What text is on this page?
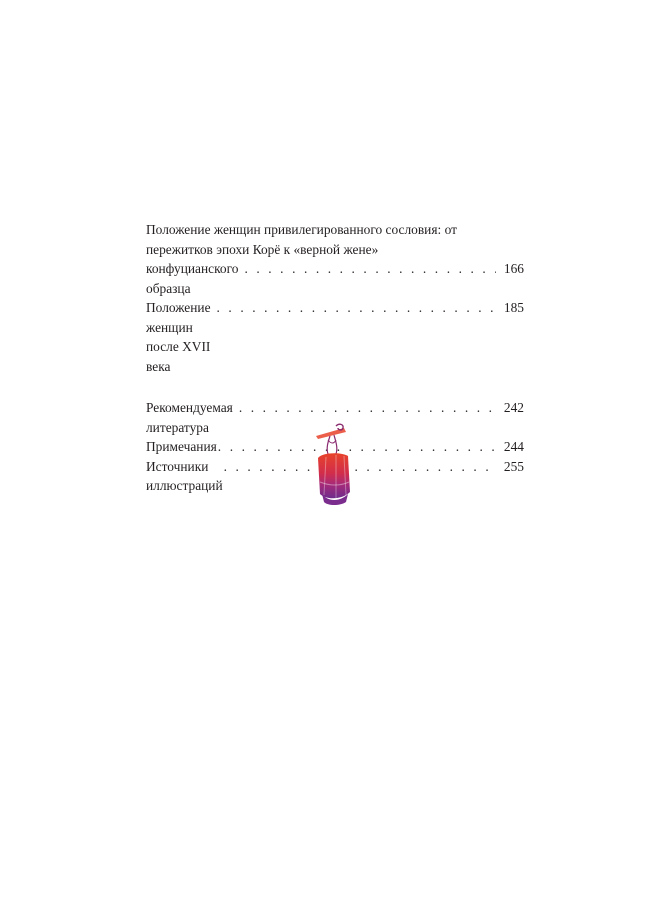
Положение женщин привилегированного сословия: от пережитков эпохи Корё к «верной жене»
конфуцианского образца
. . .
166
Положение женщин после XVII века
. . .
185
Рекомендуемая литература
. . .
242
Примечания
. . .	244
Источники иллюстраций
. . .
255
